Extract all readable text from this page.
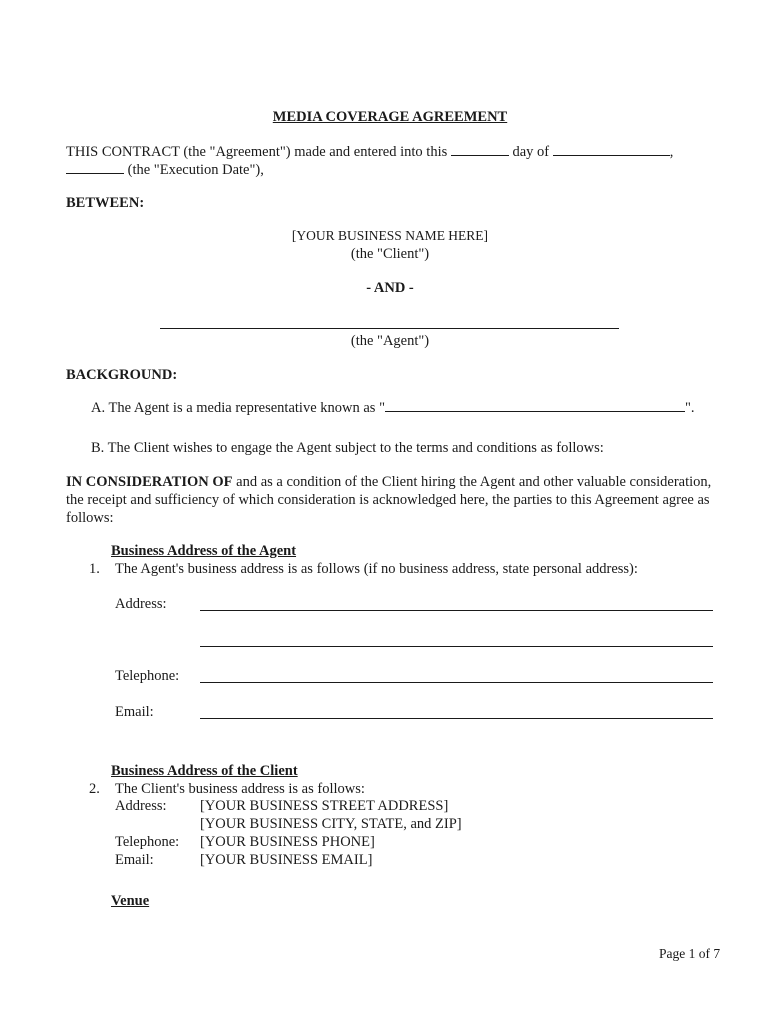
MEDIA COVERAGE AGREEMENT
THIS CONTRACT (the "Agreement") made and entered into this	day of	,
(the "Execution Date"),
BETWEEN:
[YOUR BUSINESS NAME HERE]
(the "Client")
- AND -
(the "Agent")
BACKGROUND:
A. The Agent is a media representative known as "	".
B. The Client wishes to engage the Agent subject to the terms and conditions as follows:
IN CONSIDERATION OF and as a condition of the Client hiring the Agent and other valuable consideration, the receipt and sufficiency of which consideration is acknowledged here, the parties to this Agreement agree as follows:
Business Address of the Agent
1. The Agent's business address is as follows (if no business address, state personal address):
Address:
Telephone:
Email:
Business Address of the Client
2. The Client's business address is as follows:
Address: [YOUR BUSINESS STREET ADDRESS]
[YOUR BUSINESS CITY, STATE, and ZIP]
Telephone: [YOUR BUSINESS PHONE]
Email:	[YOUR BUSINESS EMAIL]
Venue
Page 1 of 7
